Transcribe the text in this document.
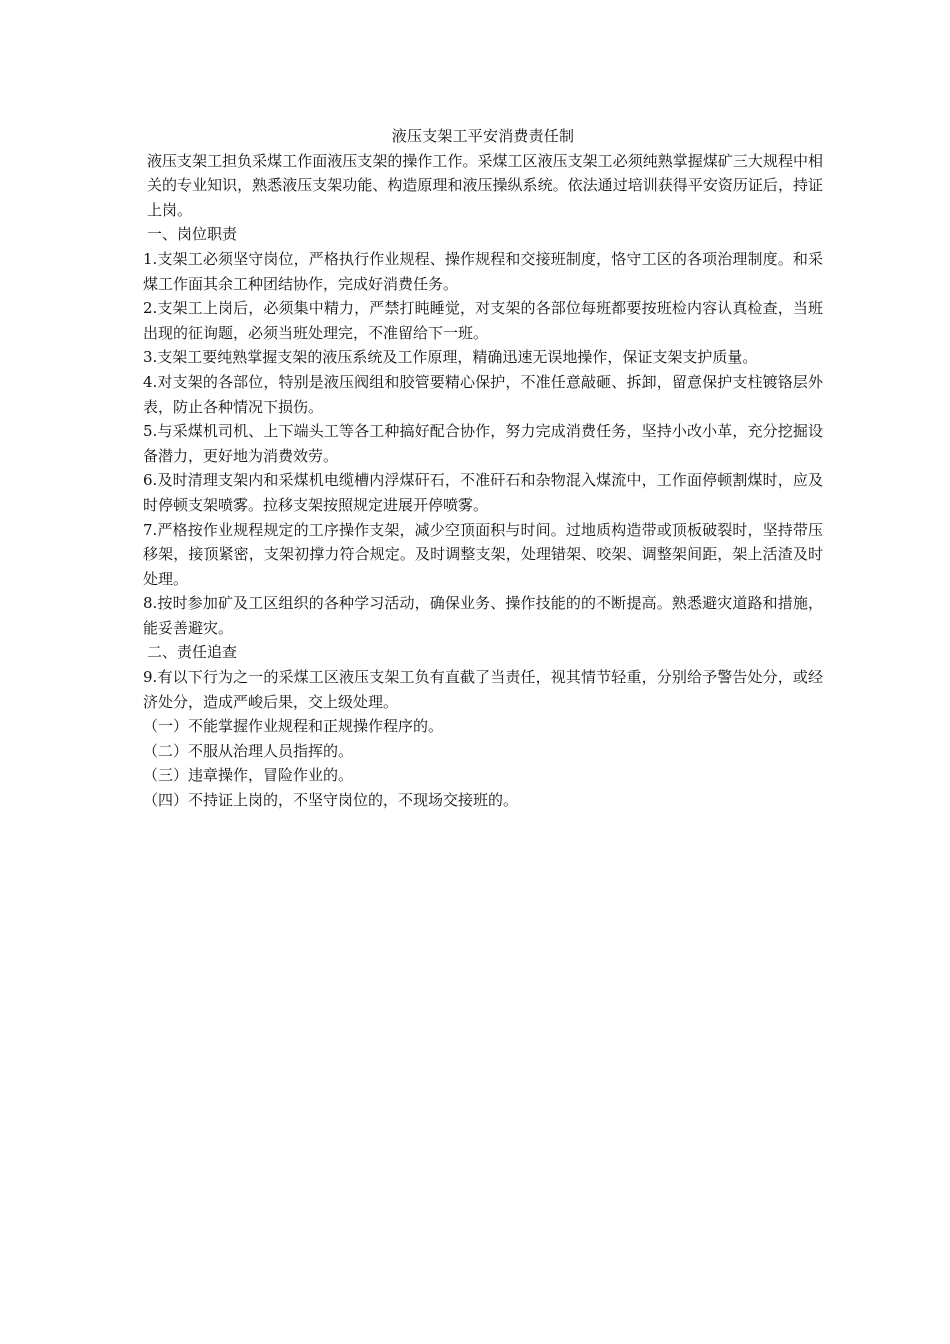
液压支架工平安消费责任制

液压支架工担负采煤工作面液压支架的操作工作。采煤工区液压支架工必须纯熟掌握煤矿三大规程中相关的专业知识，熟悉液压支架功能、构造原理和液压操纵系统。依法通过培训获得平安资历证后，持证上岗。

一、岗位职责

1.支架工必须坚守岗位，严格执行作业规程、操作规程和交接班制度，恪守工区的各项治理制度。和采煤工作面其余工种团结协作，完成好消费任务。

2.支架工上岗后，必须集中精力，严禁打盹睡觉，对支架的各部位每班都要按班检内容认真检查，当班出现的征询题，必须当班处理完，不准留给下一班。

3.支架工要纯熟掌握支架的液压系统及工作原理，精确迅速无误地操作，保证支架支护质量。

4.对支架的各部位，特别是液压阀组和胶管要精心保护，不准任意敲砸、拆卸，留意保护支柱镀铬层外表，防止各种情况下损伤。

5.与采煤机司机、上下端头工等各工种搞好配合协作，努力完成消费任务，坚持小改小革，充分挖掘设备潜力，更好地为消费效劳。

6.及时清理支架内和采煤机电缆槽内浮煤矸石，不准矸石和杂物混入煤流中，工作面停顿割煤时，应及时停顿支架喷雾。拉移支架按照规定进展开停喷雾。

7.严格按作业规程规定的工序操作支架，减少空顶面积与时间。过地质构造带或顶板破裂时，坚持带压移架，接顶紧密，支架初撑力符合规定。及时调整支架，处理错架、咬架、调整架间距，架上活渣及时处理。

8.按时参加矿及工区组织的各种学习活动，确保业务、操作技能的的不断提高。熟悉避灾道路和措施，能妥善避灾。

二、责任追查

9.有以下行为之一的采煤工区液压支架工负有直截了当责任，视其情节轻重，分别给予警告处分，或经济处分，造成严峻后果，交上级处理。

（一）不能掌握作业规程和正规操作程序的。

（二）不服从治理人员指挥的。

（三）违章操作，冒险作业的。

（四）不持证上岗的，不坚守岗位的，不现场交接班的。
